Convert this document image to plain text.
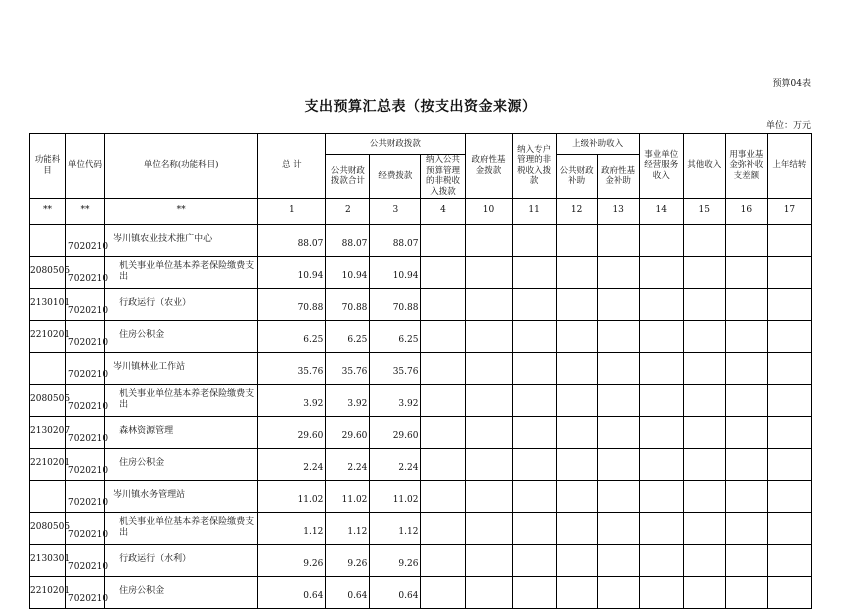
预算04表
支出预算汇总表（按支出资金来源）
单位：万元
功能科目	单位代码	单位名称(功能科目)	总 计	公共财政拨款			政府性基金拨款	纳入专户管理的非税收入拨款	上级补助收入		事业单位经营服务收入	其他收入	用事业基金弥补收支差额	上年结转
				公共财政拨款合计	经费拨款	纳入公共预算管理的非税收入拨款								
									公共财政补助	政府性基金补助				
**	**	**	1	2	3	4	10	11	12	13	14	15	16	17
	7020210	岑川镇农业技术推广中心	88.07	88.07	88.07									
2080505	7020210	机关事业单位基本养老保险缴费支出	10.94	10.94	10.94									
2130101	7020210	行政运行（农业）	70.88	70.88	70.88									
2210201	7020210	住房公积金	6.25	6.25	6.25									
	7020210	岑川镇林业工作站	35.76	35.76	35.76									
2080505	7020210	机关事业单位基本养老保险缴费支出	3.92	3.92	3.92									
2130207	7020210	森林资源管理	29.60	29.60	29.60									
2210201	7020210	住房公积金	2.24	2.24	2.24									
	7020210	岑川镇水务管理站	11.02	11.02	11.02									
2080505	7020210	机关事业单位基本养老保险缴费支出	1.12	1.12	1.12									
2130301	7020210	行政运行（水利）	9.26	9.26	9.26									
2210201	7020210	住房公积金	0.64	0.64	0.64									
